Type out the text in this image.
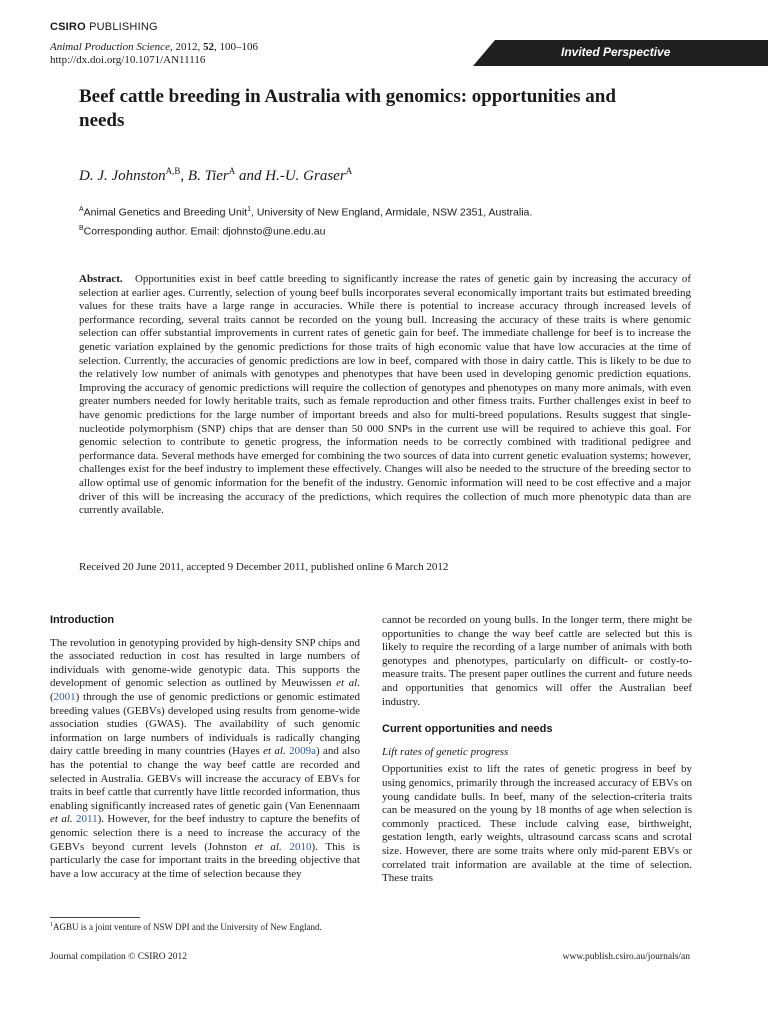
CSIRO PUBLISHING
Animal Production Science, 2012, 52, 100–106
http://dx.doi.org/10.1071/AN11116
Invited Perspective
Beef cattle breeding in Australia with genomics: opportunities and needs
D. J. Johnston$^{A,B}$, B. Tier$^A$ and H.-U. Graser$^A$
$^A$Animal Genetics and Breeding Unit$^1$, University of New England, Armidale, NSW 2351, Australia.
$^B$Corresponding author. Email: djohnsto@une.edu.au
Abstract. Opportunities exist in beef cattle breeding to significantly increase the rates of genetic gain by increasing the accuracy of selection at earlier ages. Currently, selection of young beef bulls incorporates several economically important traits but estimated breeding values for these traits have a large range in accuracies. While there is potential to increase accuracy through increased levels of performance recording, several traits cannot be recorded on the young bull. Increasing the accuracy of these traits is where genomic selection can offer substantial improvements in current rates of genetic gain for beef. The immediate challenge for beef is to increase the genetic variation explained by the genomic predictions for those traits of high economic value that have low accuracies at the time of selection. Currently, the accuracies of genomic predictions are low in beef, compared with those in dairy cattle. This is likely to be due to the relatively low number of animals with genotypes and phenotypes that have been used in developing genomic prediction equations. Improving the accuracy of genomic predictions will require the collection of genotypes and phenotypes on many more animals, with even greater numbers needed for lowly heritable traits, such as female reproduction and other fitness traits. Further challenges exist in beef to have genomic predictions for the large number of important breeds and also for multi-breed populations. Results suggest that single-nucleotide polymorphism (SNP) chips that are denser than 50 000 SNPs in the current use will be required to achieve this goal. For genomic selection to contribute to genetic progress, the information needs to be correctly combined with traditional pedigree and performance data. Several methods have emerged for combining the two sources of data into current genetic evaluation systems; however, challenges exist for the beef industry to implement these effectively. Changes will also be needed to the structure of the breeding sector to allow optimal use of genomic information for the benefit of the industry. Genomic information will need to be cost effective and a major driver of this will be increasing the accuracy of the predictions, which requires the collection of much more phenotypic data than are currently available.
Received 20 June 2011, accepted 9 December 2011, published online 6 March 2012
Introduction

The revolution in genotyping provided by high-density SNP chips and the associated reduction in cost has resulted in large numbers of individuals with genome-wide genotypic data. This supports the development of genomic selection as outlined by Meuwissen et al. (2001) through the use of genomic predictions or genomic estimated breeding values (GEBVs) developed using results from genome-wide association studies (GWAS). The availability of such genomic information on large numbers of individuals is radically changing dairy cattle breeding in many countries (Hayes et al. 2009a) and also has the potential to change the way beef cattle are recorded and selected in Australia. GEBVs will increase the accuracy of EBVs for traits in beef cattle that currently have little recorded information, thus enabling significantly increased rates of genetic gain (Van Eenennaam et al. 2011). However, for the beef industry to capture the benefits of genomic selection there is a need to increase the accuracy of the GEBVs beyond current levels (Johnston et al. 2010). This is particularly the case for important traits in the breeding objective that have a low accuracy at the time of selection because they

cannot be recorded on young bulls. In the longer term, there might be opportunities to change the way beef cattle are selected but this is likely to require the recording of a large number of animals with both genotypes and phenotypes, particularly on difficult- or costly-to-measure traits. The present paper outlines the current and future needs and opportunities that genomics will offer the Australian beef industry.

Current opportunities and needs
Lift rates of genetic progress

Opportunities exist to lift the rates of genetic progress in beef by using genomics, primarily through the increased accuracy of EBVs on young candidate bulls. In beef, many of the selection-criteria traits can be measured on the young by 18 months of age when selection is commonly practiced. These include calving ease, birthweight, gestation length, early weights, ultrasound carcass scans and scrotal size. However, there are some traits where only mid-parent EBVs or correlated trait information are available at the time of selection. These traits

$^1$AGBU is a joint venture of NSW DPI and the University of New England.
Journal compilation © CSIRO 2012	www.publish.csiro.au/journals/an
